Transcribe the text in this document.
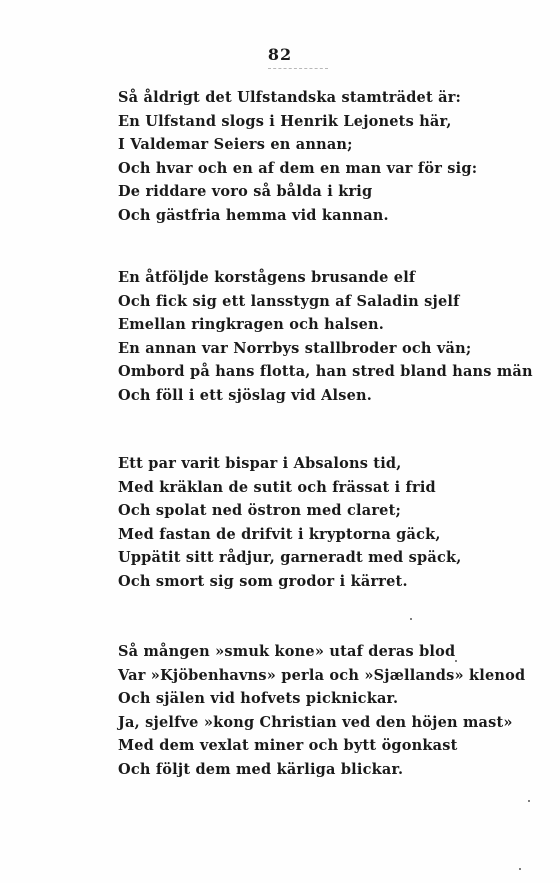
82
Så åldrigt det Ulfstandska stamträdet är:
En Ulfstand slogs i Henrik Lejonets här,
I Valdemar Seiers en annan;
Och hvar och en af dem en man var för sig:
De riddare voro så bålda i krig
Och gästfria hemma vid kannan.
En åtföljde korstågens brusande elf
Och fick sig ett lansstygn af Saladin sjelf
Emellan ringkragen och halsen.
En annan var Norrbys stallbroder och vän;
Ombord på hans flotta, han stred bland hans män
Och föll i ett sjöslag vid Alsen.
Ett par varit bispar i Absalons tid,
Med kräklan de sutit och frässat i frid
Och spolat ned östron med claret;
Med fastan de drifvit i kryptorna gäck,
Uppätit sitt rådjur, garneradt med späck,
Och smort sig som grodor i kärret.
Så mången »smuk kone» utaf deras blod
Var »Kjöbenhavns» perla och »Sjællands» klenod
Och själen vid hofvets picknickar.
Ja, sjelfve »kong Christian ved den höjen mast»
Med dem vexlat miner och bytt ögonkast
Och följt dem med kärliga blickar.
